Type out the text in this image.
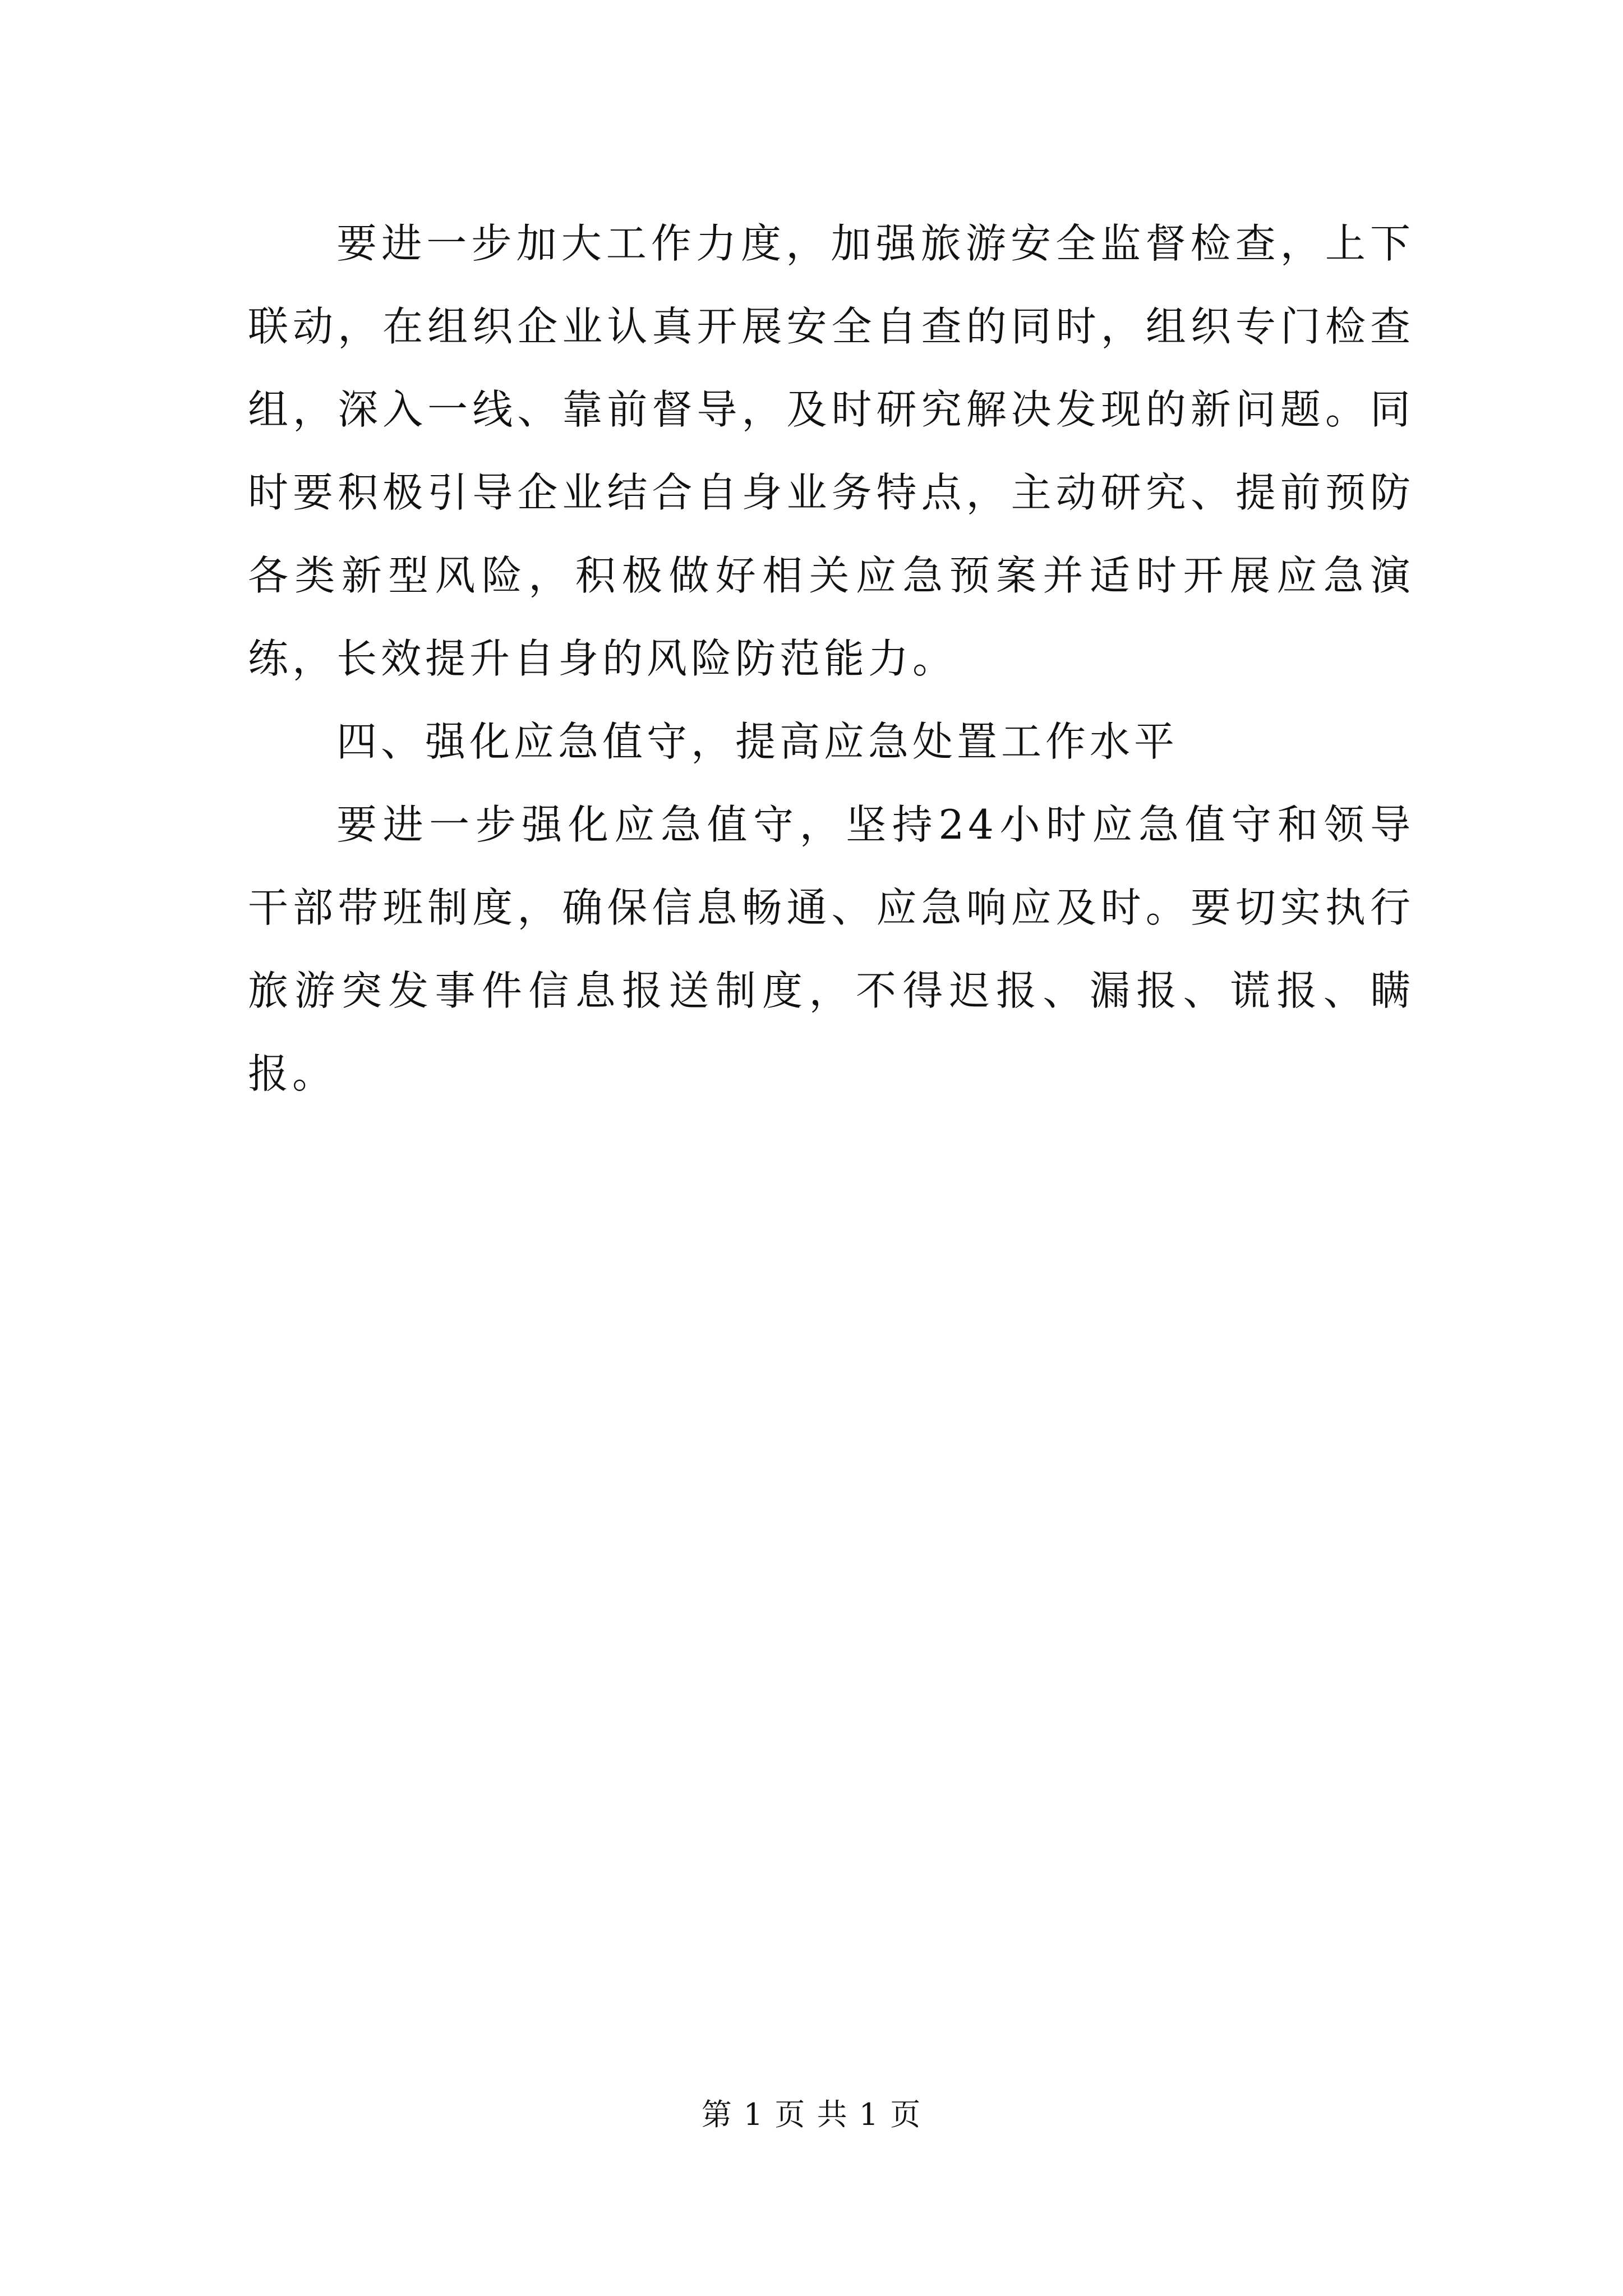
要进一步加大工作力度，加强旅游安全监督检查，上下联动，在组织企业认真开展安全自查的同时，组织专门检查组，深入一线、靠前督导，及时研究解决发现的新问题。同时要积极引导企业结合自身业务特点，主动研究、提前预防各类新型风险，积极做好相关应急预案并适时开展应急演练，长效提升自身的风险防范能力。

四、强化应急值守，提高应急处置工作水平

要进一步强化应急值守，坚持24小时应急值守和领导干部带班制度，确保信息畅通、应急响应及时。要切实执行旅游突发事件信息报送制度，不得迟报、漏报、谎报、瞒报。

第 1 页 共 1 页
